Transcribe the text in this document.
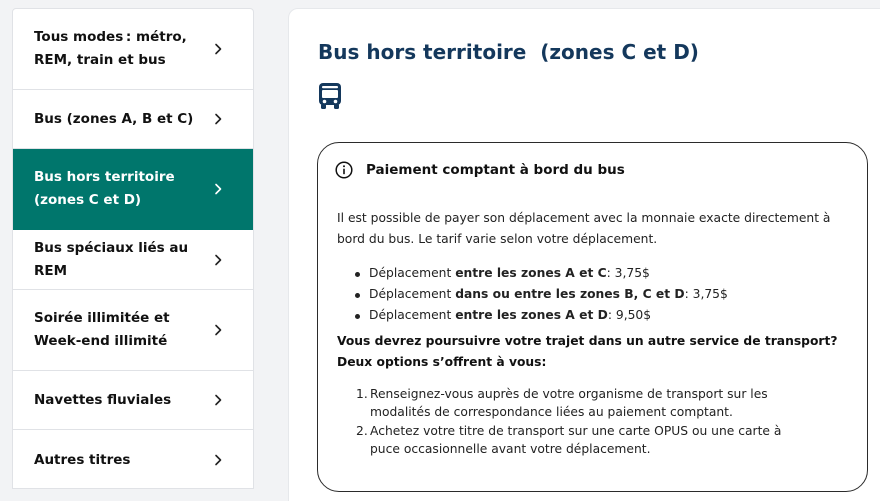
Tous modes : métro, REM, train et bus
Bus (zones A, B et C)
Bus hors territoire (zones C et D)
Bus spéciaux liés au REM
Soirée illimitée et Week-end illimité
Navettes fluviales
Autres titres
Bus hors territoire  (zones C et D)
Paiement comptant à bord du bus

Il est possible de payer son déplacement avec la monnaie exacte directement à bord du bus. Le tarif varie selon votre déplacement.

Déplacement entre les zones A et C: 3,75$
Déplacement dans ou entre les zones B, C et D: 3,75$
Déplacement entre les zones A et D: 9,50$

Vous devrez poursuivre votre trajet dans un autre service de transport? Deux options s’offrent à vous:

1. Renseignez-vous auprès de votre organisme de transport sur les modalités de correspondance liées au paiement comptant.
2. Achetez votre titre de transport sur une carte OPUS ou une carte à puce occasionnelle avant votre déplacement.
